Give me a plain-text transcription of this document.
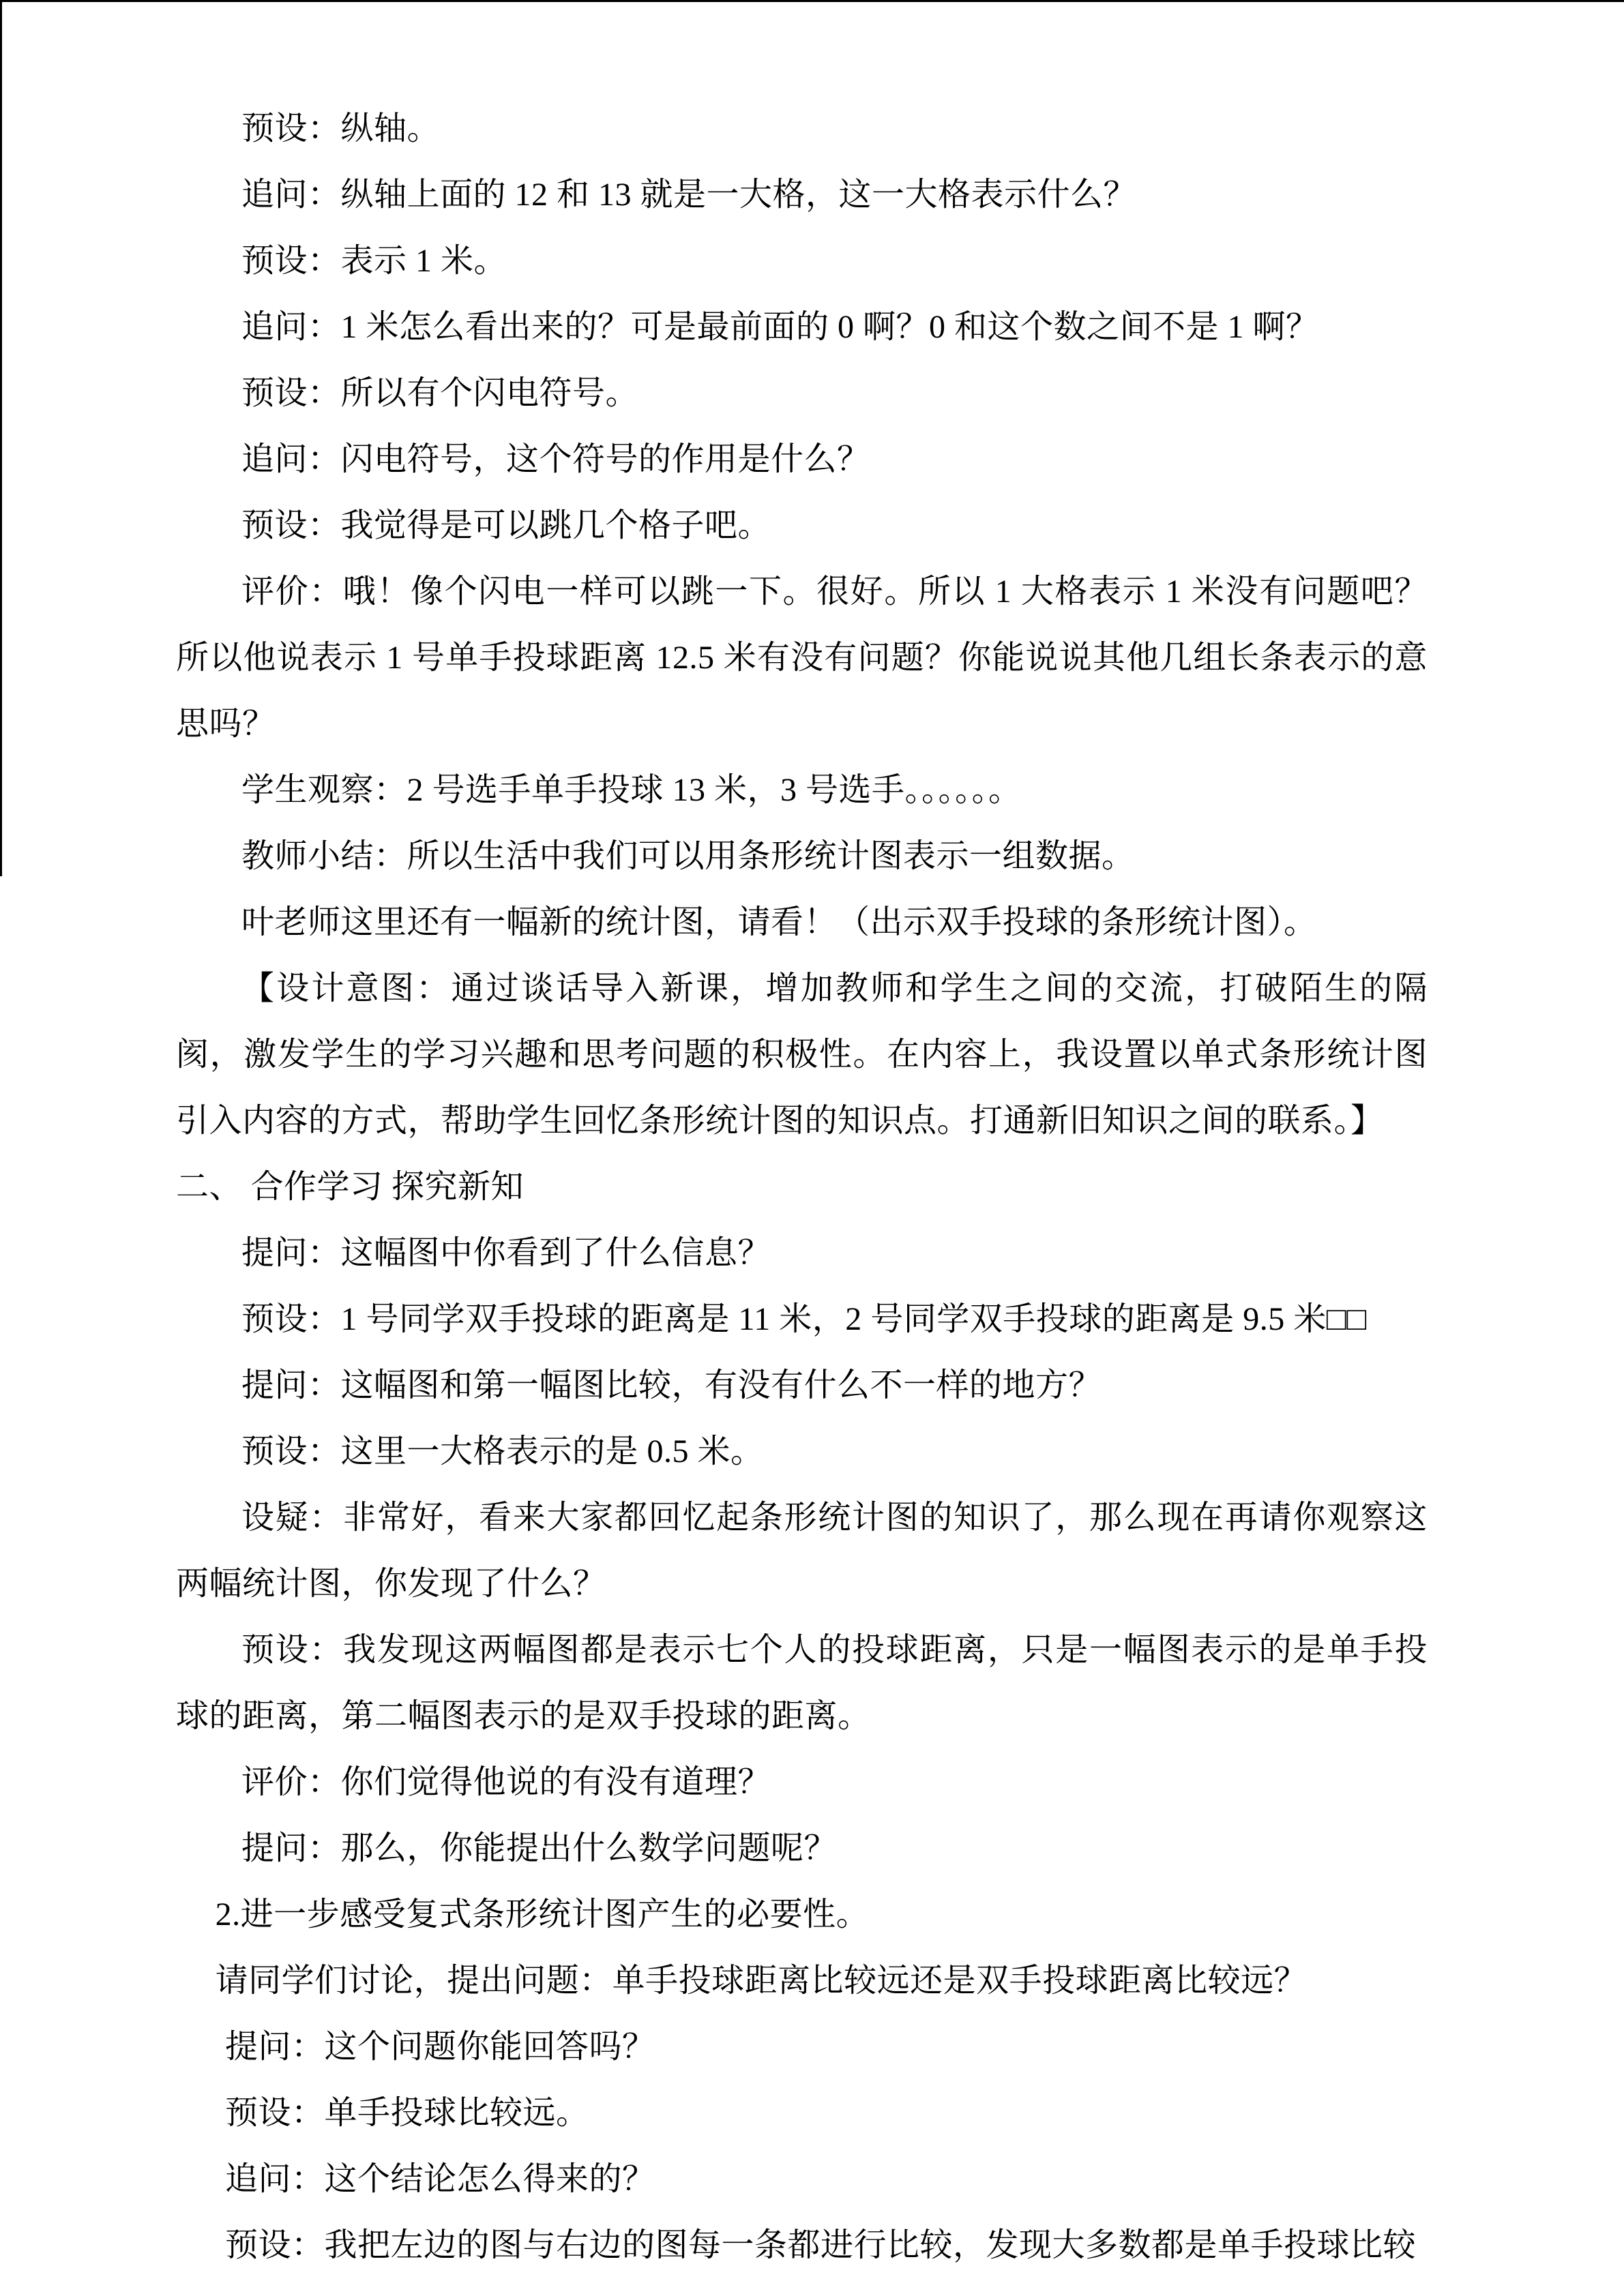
预设：纵轴。

追问：纵轴上面的 12 和 13 就是一大格，这一大格表示什么？

预设：表示 1 米。

追问：1 米怎么看出来的？可是最前面的 0 啊？0 和这个数之间不是 1 啊？

预设：所以有个闪电符号。

追问：闪电符号，这个符号的作用是什么？

预设：我觉得是可以跳几个格子吧。

评价：哦！像个闪电一样可以跳一下。很好。所以 1 大格表示 1 米没有问题吧？所以他说表示 1 号单手投球距离 12.5 米有没有问题？你能说说其他几组长条表示的意思吗？

学生观察：2 号选手单手投球 13 米，3 号选手。。。。。。

教师小结：所以生活中我们可以用条形统计图表示一组数据。

叶老师这里还有一幅新的统计图，请看！（出示双手投球的条形统计图）。

【设计意图：通过谈话导入新课，增加教师和学生之间的交流，打破陌生的隔阂，激发学生的学习兴趣和思考问题的积极性。在内容上，我设置以单式条形统计图引入内容的方式，帮助学生回忆条形统计图的知识点。打通新旧知识之间的联系。】

二、 合作学习 探究新知

提问：这幅图中你看到了什么信息？

预设：1 号同学双手投球的距离是 11 米，2 号同学双手投球的距离是 9.5 米□□

提问：这幅图和第一幅图比较，有没有什么不一样的地方？

预设：这里一大格表示的是 0.5 米。

设疑：非常好，看来大家都回忆起条形统计图的知识了，那么现在再请你观察这两幅统计图，你发现了什么？

预设：我发现这两幅图都是表示七个人的投球距离，只是一幅图表示的是单手投球的距离，第二幅图表示的是双手投球的距离。

评价：你们觉得他说的有没有道理？

提问：那么，你能提出什么数学问题呢？

2.进一步感受复式条形统计图产生的必要性。

请同学们讨论，提出问题：单手投球距离比较远还是双手投球距离比较远？

提问：这个问题你能回答吗？

预设：单手投球比较远。

追问：这个结论怎么得来的？

预设：我把左边的图与右边的图每一条都进行比较，发现大多数都是单手投球比较
